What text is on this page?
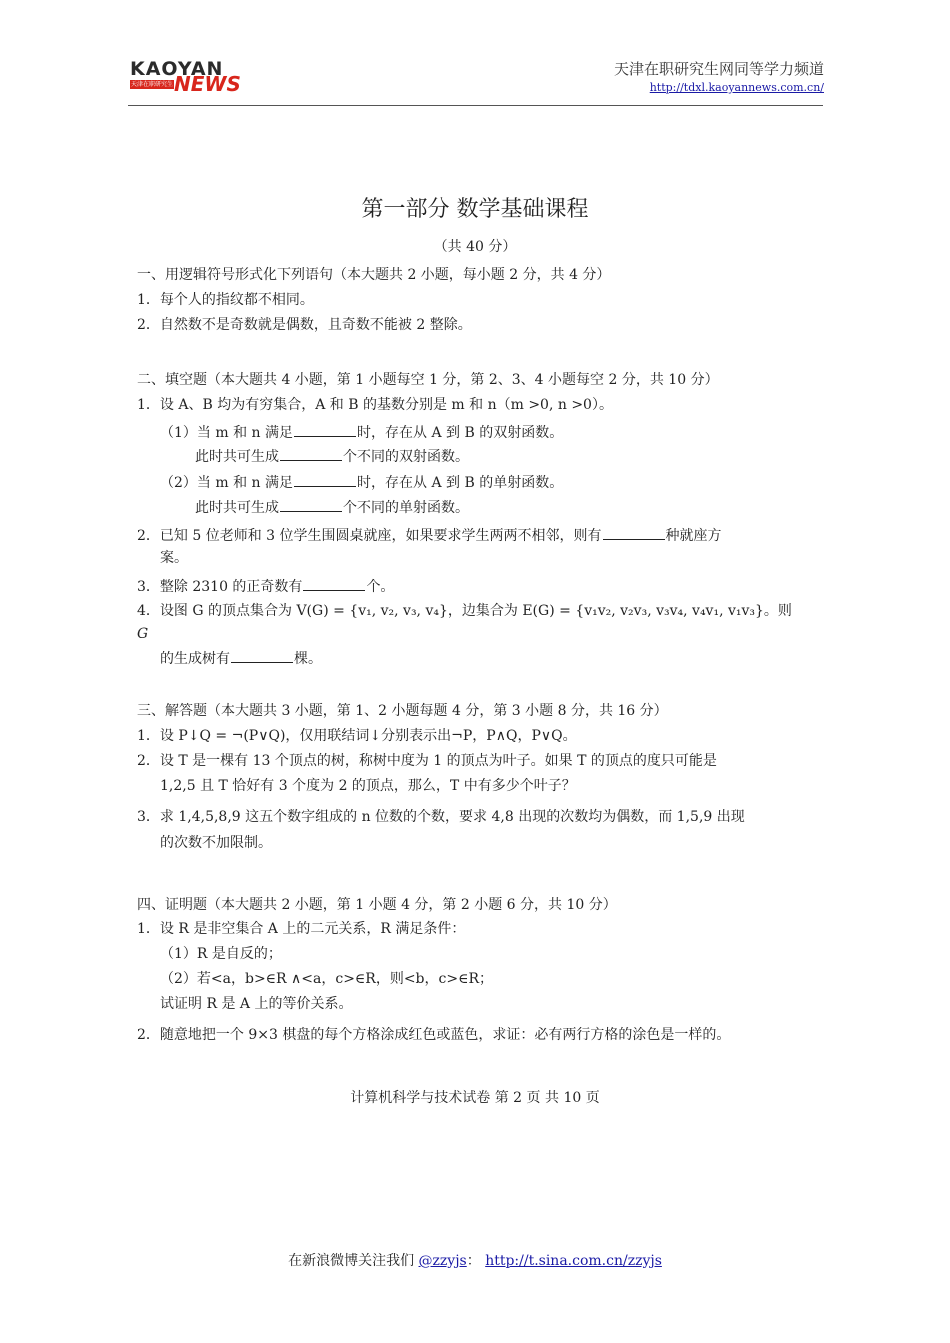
KAOYAN
天津在职研究生 NEWS
天津在职研究生网同等学力频道
http://tdxl.kaoyannews.com.cn/
第一部分 数学基础课程
（共 40 分）
一、用逻辑符号形式化下列语句（本大题共 2 小题，每小题 2 分，共 4 分）
1．每个人的指纹都不相同。
2．自然数不是奇数就是偶数，且奇数不能被 2 整除。
二、填空题（本大题共 4 小题，第 1 小题每空 1 分，第 2、3、4 小题每空 2 分，共 10 分）
1．设 A、B 均为有穷集合，A 和 B 的基数分别是 m 和 n（m >0, n >0）。
（1）当 m 和 n 满足	时，存在从 A 到 B 的双射函数。
此时共可生成	个不同的双射函数。
（2）当 m 和 n 满足	时，存在从 A 到 B 的单射函数。
此时共可生成	个不同的单射函数。
2．已知 5 位老师和 3 位学生围圆桌就座，如果要求学生两两不相邻，则有	种就座方
案。
3．整除 2310 的正奇数有	个。
4．设图 G 的顶点集合为 V(G) = {v₁, v₂, v₃, v₄}，边集合为 E(G) = {v₁v₂, v₂v₃, v₃v₄, v₄v₁, v₁v₃}。则
G
的生成树有	棵。
三、解答题（本大题共 3 小题，第 1、2 小题每题 4 分，第 3 小题 8 分，共 16 分）
1．设 P↓Q = ¬(P∨Q)，仅用联结词↓分别表示出¬P，P∧Q，P∨Q。
2．设 T 是一棵有 13 个顶点的树，称树中度为 1 的顶点为叶子。如果 T 的顶点的度只可能是
1,2,5 且 T 恰好有 3 个度为 2 的顶点，那么，T 中有多少个叶子？
3．求 1,4,5,8,9 这五个数字组成的 n 位数的个数，要求 4,8 出现的次数均为偶数，而 1,5,9 出现
的次数不加限制。
四、证明题（本大题共 2 小题，第 1 小题 4 分，第 2 小题 6 分，共 10 分）
1．设 R 是非空集合 A 上的二元关系，R 满足条件：
（1）R 是自反的；
（2）若<a，b>∈R ∧<a，c>∈R，则<b，c>∈R；
试证明 R 是 A 上的等价关系。
2．随意地把一个 9×3 棋盘的每个方格涂成红色或蓝色，求证：必有两行方格的涂色是一样的。
计算机科学与技术试卷 第 2 页 共 10 页
在新浪微博关注我们 @zzyjs： http://t.sina.com.cn/zzyjs
